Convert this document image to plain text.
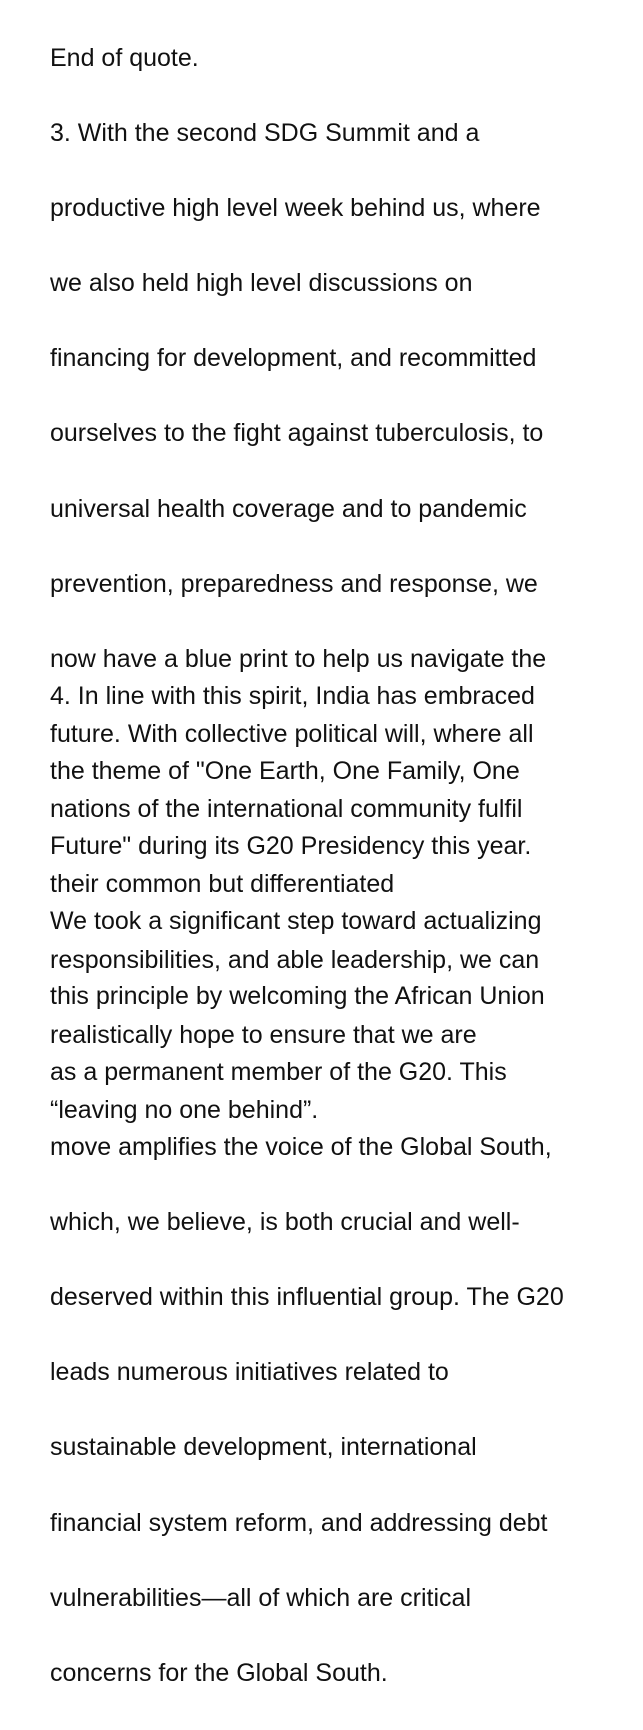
End of quote.

3. With the second SDG Summit and a

productive high level week behind us, where

we also held high level discussions on

financing for development, and recommitted

ourselves to the fight against tuberculosis, to

universal health coverage and to pandemic

prevention, preparedness and response, we

now have a blue print to help us navigate the

future. With collective political will, where all

nations of the international community fulfil

their common but differentiated

responsibilities, and able leadership, we can

realistically hope to ensure that we are

“leaving no one behind”.

4. In line with this spirit, India has embraced

the theme of "One Earth, One Family, One

Future" during its G20 Presidency this year.

We took a significant step toward actualizing

this principle by welcoming the African Union

as a permanent member of the G20. This

move amplifies the voice of the Global South,

which, we believe, is both crucial and well-

deserved within this influential group. The G20

leads numerous initiatives related to

sustainable development, international

financial system reform, and addressing debt

vulnerabilities—all of which are critical

concerns for the Global South.
